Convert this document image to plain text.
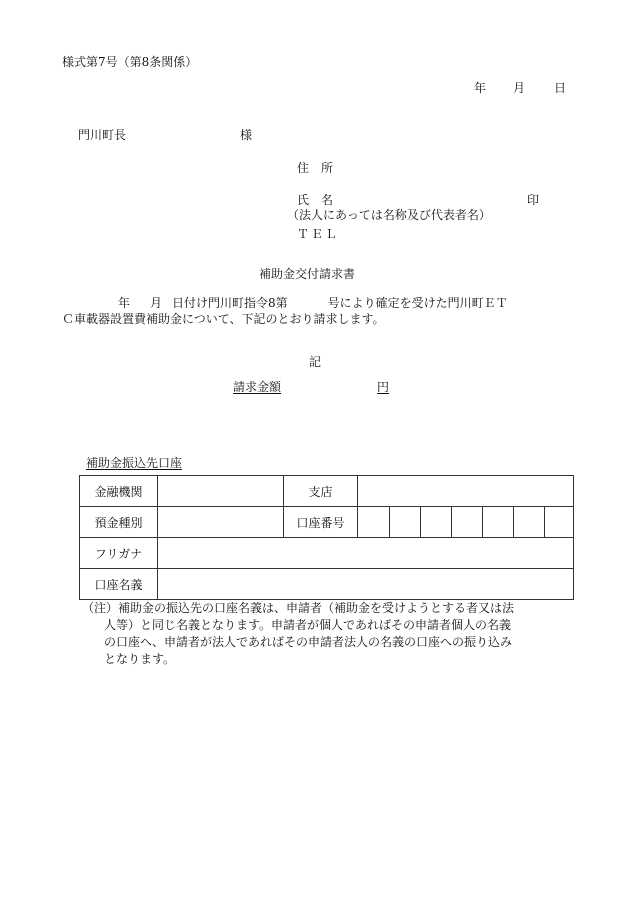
様式第7号（第8条関係）
年 月 日
門川町長	様
住　所
氏　名	印
（法人にあっては名称及び代表者名）
ＴＥＬ
補助金交付請求書
年 月 日付け門川町指令8第	号により確定を受けた門川町ＥＴ
Ｃ車載器設置費補助金について、下記のとおり請求します。
記
請求金額	円
補助金振込先口座
金融機関		支店							
預金種別		口座番号							
フリガナ									
口座名義									
（注）補助金の振込先の口座名義は、申請者（補助金を受けようとする者又は法
人等）と同じ名義となります。申請者が個人であればその申請者個人の名義
の口座へ、申請者が法人であればその申請者法人の名義の口座への振り込み
となります。
